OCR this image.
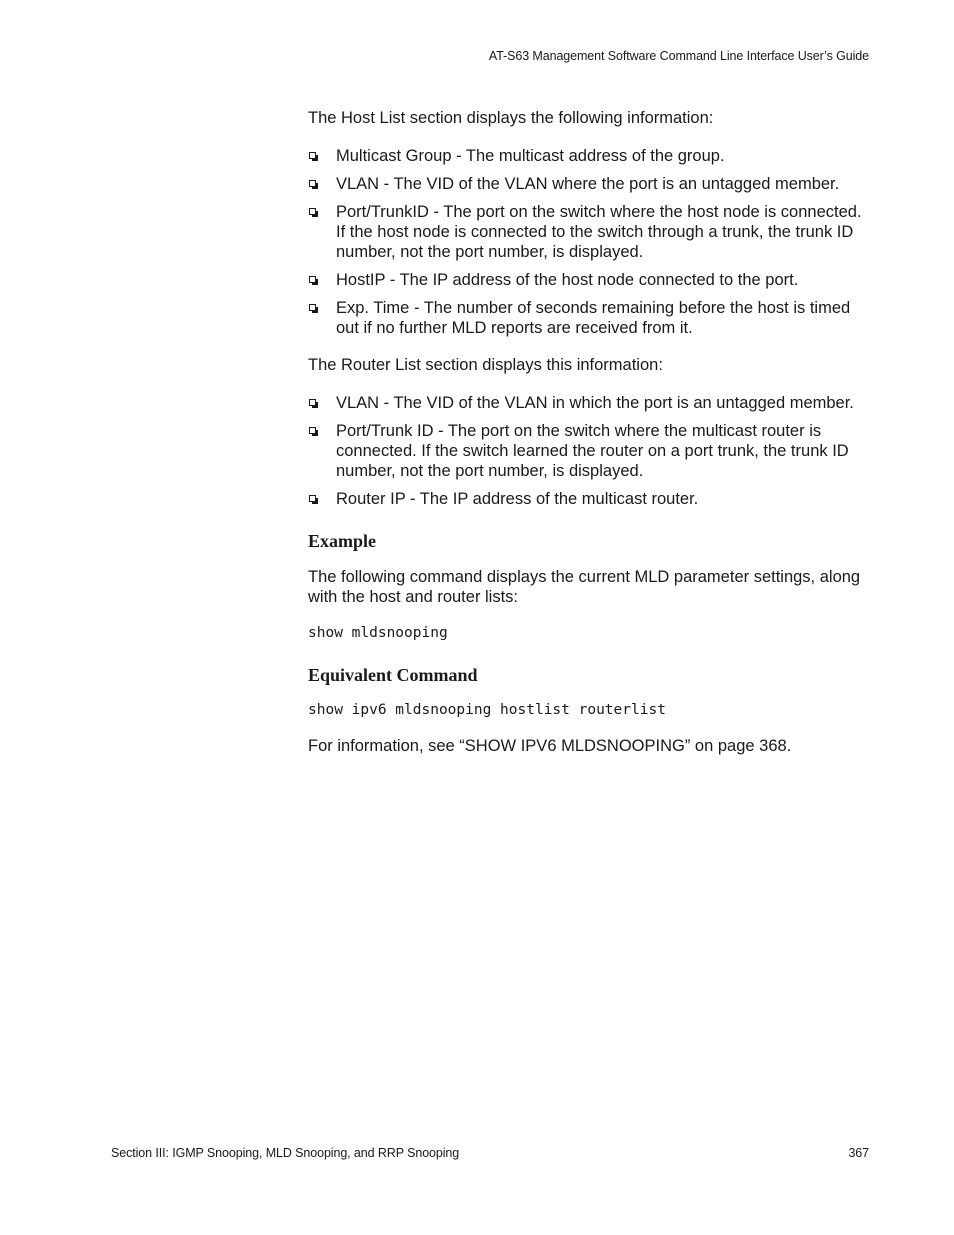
AT-S63 Management Software Command Line Interface User’s Guide

The Host List section displays the following information:

Multicast Group - The multicast address of the group.
VLAN - The VID of the VLAN where the port is an untagged member.
Port/TrunkID - The port on the switch where the host node is connected. If the host node is connected to the switch through a trunk, the trunk ID number, not the port number, is displayed.
HostIP - The IP address of the host node connected to the port.
Exp. Time - The number of seconds remaining before the host is timed out if no further MLD reports are received from it.

The Router List section displays this information:

VLAN - The VID of the VLAN in which the port is an untagged member.
Port/Trunk ID - The port on the switch where the multicast router is connected. If the switch learned the router on a port trunk, the trunk ID number, not the port number, is displayed.
Router IP - The IP address of the multicast router.
Example

The following command displays the current MLD parameter settings, along with the host and router lists:

show mldsnooping

Equivalent Command

show ipv6 mldsnooping hostlist routerlist

For information, see “SHOW IPV6 MLDSNOOPING” on page 368.

Section III: IGMP Snooping, MLD Snooping, and RRP Snooping	367
